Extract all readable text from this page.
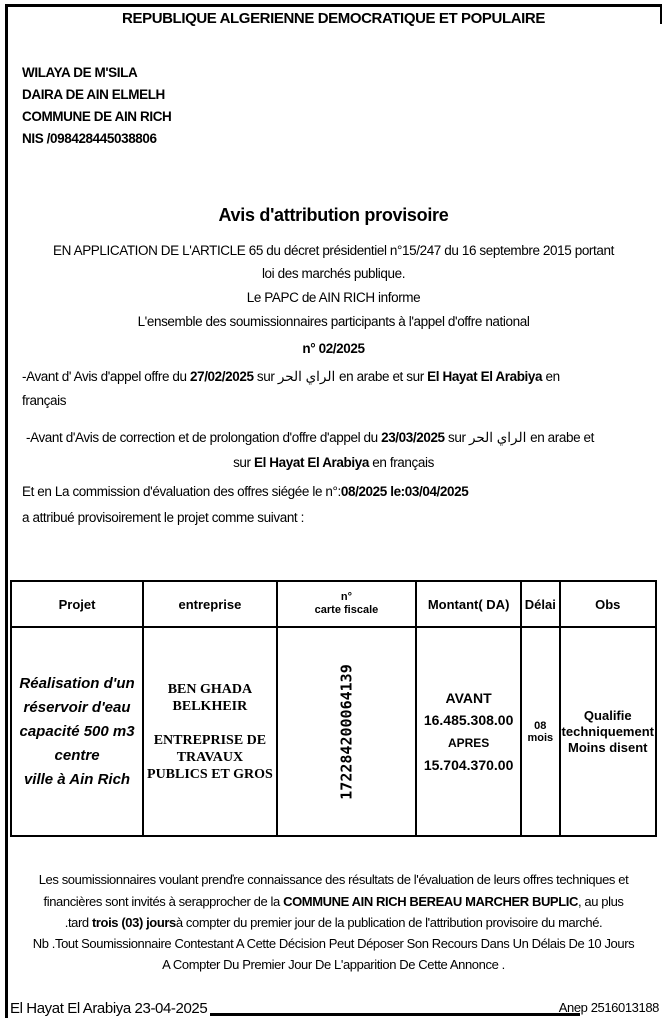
REPUBLIQUE ALGERIENNE DEMOCRATIQUE ET POPULAIRE
WILAYA DE M'SILA
DAIRA DE AIN ELMELH
COMMUNE DE AIN RICH
NIS /098428445038806
Avis d'attribution provisoire
EN APPLICATION DE L'ARTICLE 65 du décret présidentiel n°15/247 du 16 septembre 2015 portant
loi des marchés publique.
Le PAPC de AIN RICH informe
L'ensemble des soumissionnaires participants à l'appel d'offre national
n° 02/2025
-Avant d' Avis d'appel offre du 27/02/2025 sur الراي الحر en arabe et sur El Hayat El Arabiya en
français
-Avant d'Avis de correction et de prolongation d'offre d'appel du 23/03/2025 sur الراي الحر en arabe et
sur El Hayat El Arabiya en français
Et en La commission d'évaluation des offres siégée le n°:08/2025 le:03/04/2025
a attribué provisoirement le projet comme suivant :
Projet	entreprise	n°
carte fiscale	Montant( DA)	Délai	Obs
Réalisation d'un
réservoir d'eau
capacité 500 m3 centre
ville à Ain Rich	BEN GHADA
BELKHEIR

ENTREPRISE DE
TRAVAUX
PUBLICS ET GROS	172284200064139	AVANT
16.485.308.00
APRES
15.704.370.00	08 mois	Qualifie
techniquement
Moins disent
Les soumissionnaires voulant prenďre connaissance des résultats de l'évaluation de leurs offres techniques et
financières sont invités à serapprocher de la COMMUNE AIN RICH BEREAU MARCHER BUPLIC, au plus
.tard trois (03) joursà compter du premier jour de la publication de l'attribution provisoire du marché.
Nb .Tout Soumissionnaire Contestant A Cette Décision Peut Déposer Son Recours Dans Un Délais De 10 Jours
A Compter Du Premier Jour De L'apparition De Cette Annonce .
El Hayat El Arabiya 23-04-2025	Anep 2516013188
